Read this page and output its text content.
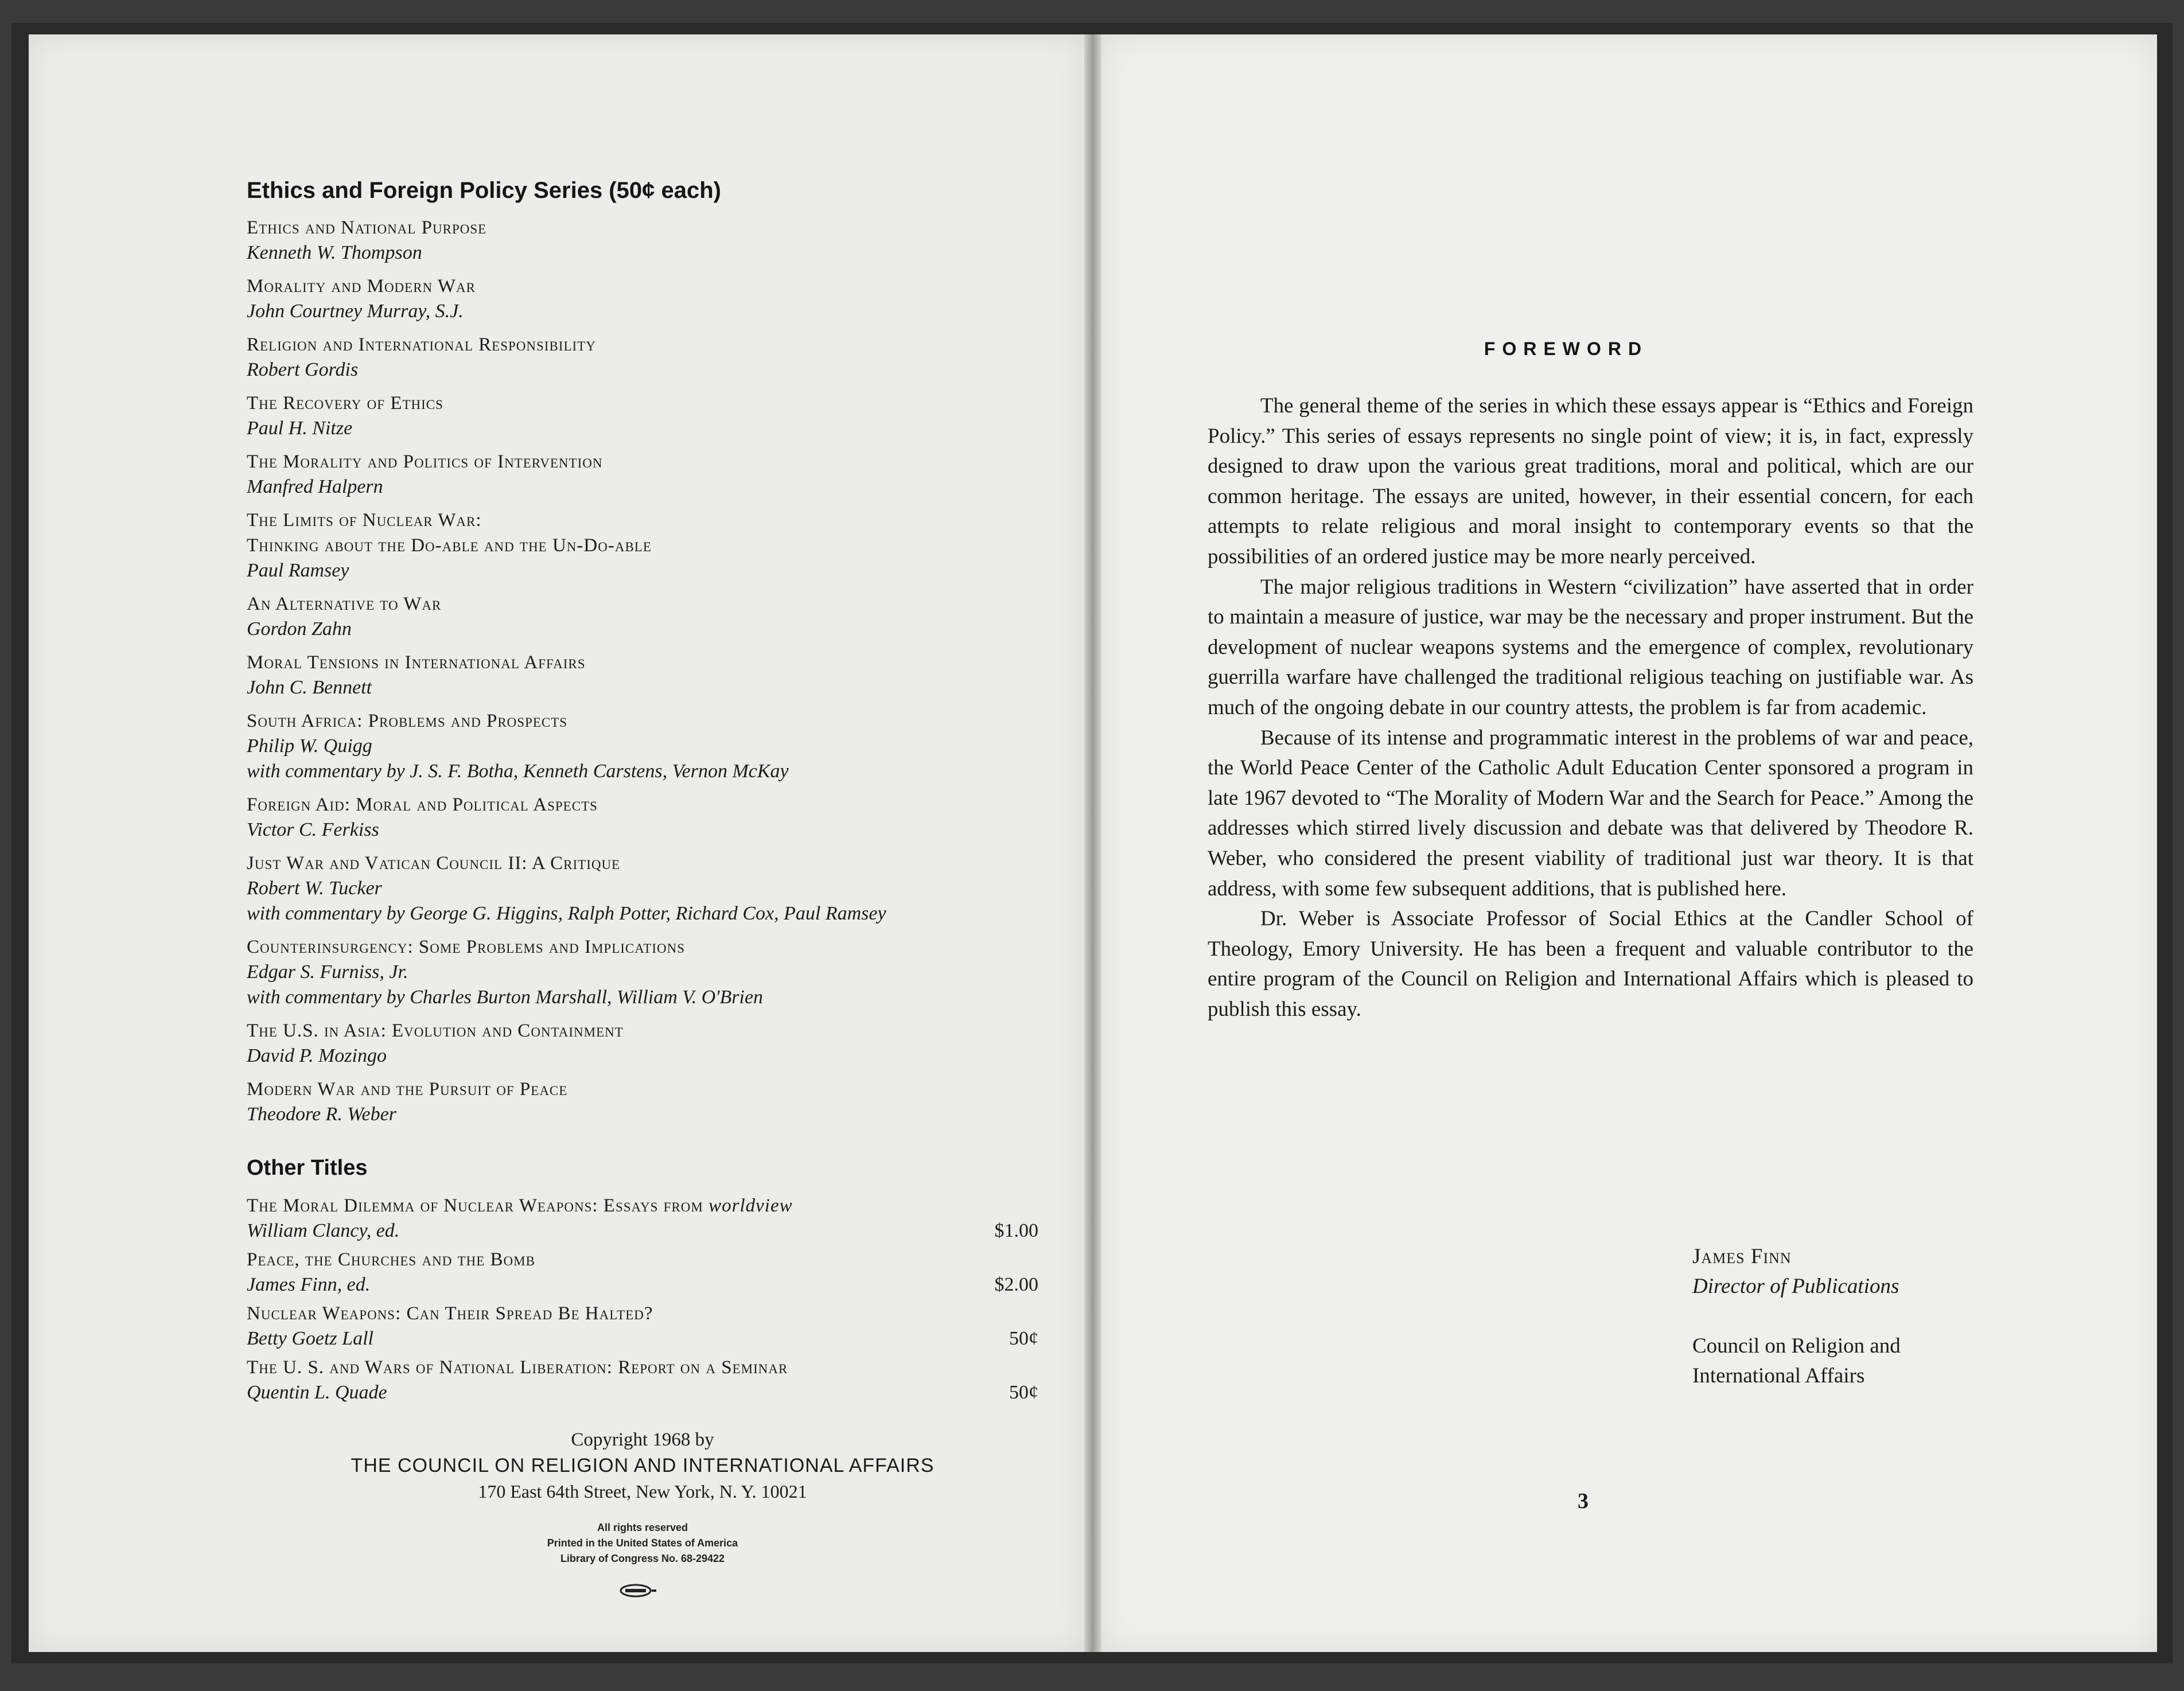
Ethics and Foreign Policy Series (50¢ each)
Ethics and National Purpose
Kenneth W. Thompson
Morality and Modern War
John Courtney Murray, S.J.
Religion and International Responsibility
Robert Gordis
The Recovery of Ethics
Paul H. Nitze
The Morality and Politics of Intervention
Manfred Halpern
The Limits of Nuclear War:
Thinking about the Do-able and the Un-Do-able
Paul Ramsey
An Alternative to War
Gordon Zahn
Moral Tensions in International Affairs
John C. Bennett
South Africa: Problems and Prospects
Philip W. Quigg
with commentary by J. S. F. Botha, Kenneth Carstens, Vernon McKay
Foreign Aid: Moral and Political Aspects
Victor C. Ferkiss
Just War and Vatican Council II: A Critique
Robert W. Tucker
with commentary by George G. Higgins, Ralph Potter, Richard Cox, Paul Ramsey
Counterinsurgency: Some Problems and Implications
Edgar S. Furniss, Jr.
with commentary by Charles Burton Marshall, William V. O'Brien
The U.S. in Asia: Evolution and Containment
David P. Mozingo
Modern War and the Pursuit of Peace
Theodore R. Weber
Other Titles
The Moral Dilemma of Nuclear Weapons: Essays from worldview
William Clancy, ed.	$1.00
Peace, the Churches and the Bomb
James Finn, ed.	$2.00
Nuclear Weapons: Can Their Spread Be Halted?
Betty Goetz Lall	50¢
The U. S. and Wars of National Liberation: Report on a Seminar
Quentin L. Quade	50¢
Copyright 1968 by
THE COUNCIL ON RELIGION AND INTERNATIONAL AFFAIRS
170 East 64th Street, New York, N. Y. 10021
All rights reserved
Printed in the United States of America
Library of Congress No. 68-29422
FOREWORD

The general theme of the series in which these essays appear is “Ethics and Foreign Policy.” This series of essays represents no single point of view; it is, in fact, expressly designed to draw upon the various great traditions, moral and political, which are our common heritage. The essays are united, however, in their essential concern, for each attempts to relate religious and moral insight to contemporary events so that the possibilities of an ordered justice may be more nearly perceived.

The major religious traditions in Western “civilization” have asserted that in order to maintain a measure of justice, war may be the necessary and proper instrument. But the development of nuclear weapons systems and the emergence of complex, revolutionary guerrilla warfare have challenged the traditional religious teaching on justifiable war. As much of the ongoing debate in our country attests, the problem is far from academic.

Because of its intense and programmatic interest in the problems of war and peace, the World Peace Center of the Catholic Adult Education Center sponsored a program in late 1967 devoted to “The Morality of Modern War and the Search for Peace.” Among the addresses which stirred lively discussion and debate was that delivered by Theodore R. Weber, who considered the present viability of traditional just war theory. It is that address, with some few subsequent additions, that is published here.

Dr. Weber is Associate Professor of Social Ethics at the Candler School of Theology, Emory University. He has been a frequent and valuable contributor to the entire program of the Council on Religion and International Affairs which is pleased to publish this essay.

James Finn
Director of Publications
Council on Religion and
International Affairs
3
